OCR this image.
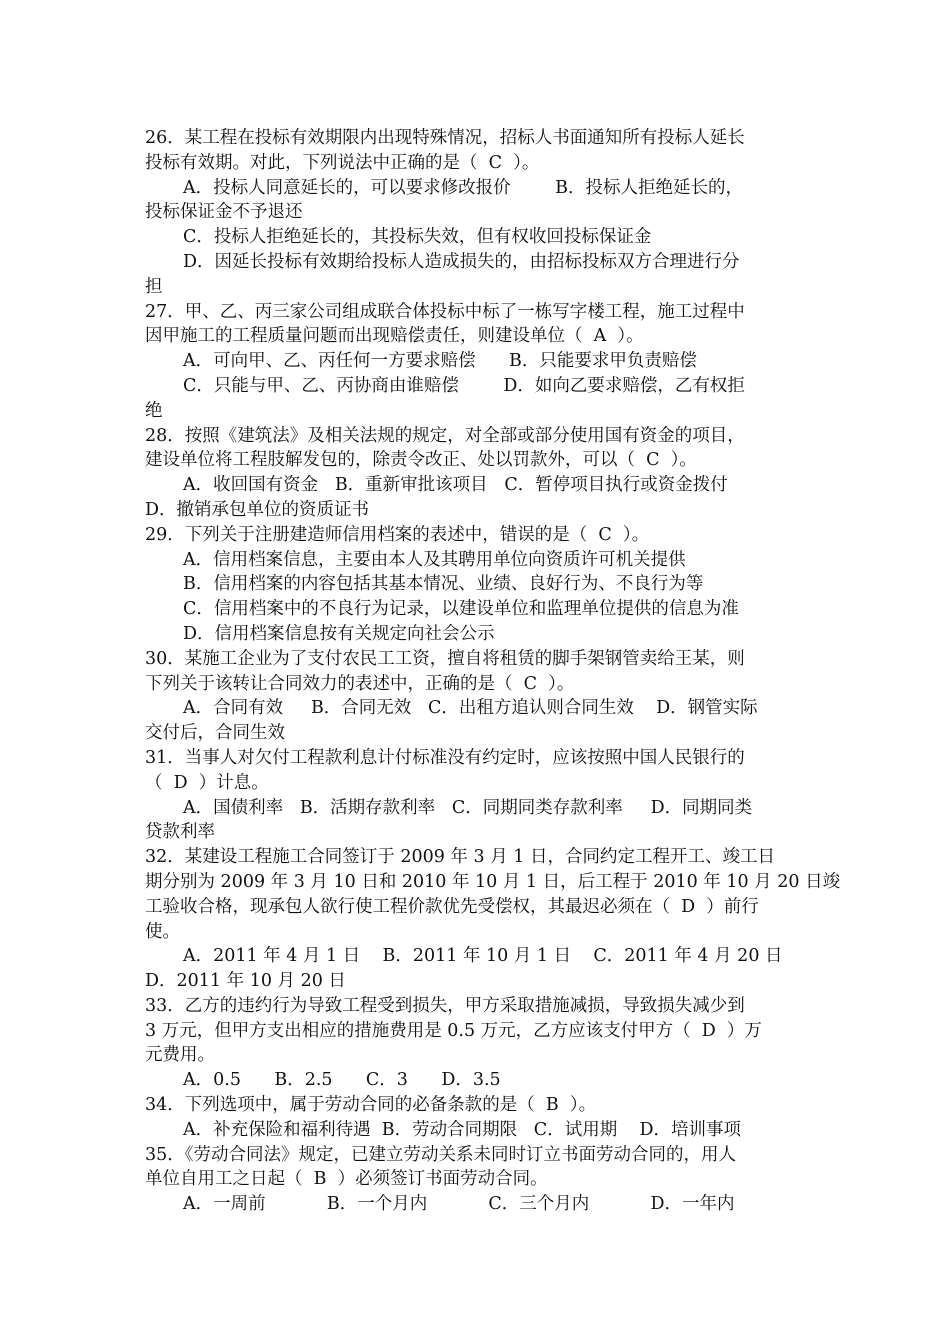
26．某工程在投标有效期限内出现特殊情况，招标人书面通知所有投标人延长
投标有效期。对此，下列说法中正确的是（  C  ）。
A．投标人同意延长的，可以要求修改报价        B．投标人拒绝延长的，
投标保证金不予退还
C．投标人拒绝延长的，其投标失效，但有权收回投标保证金
D．因延长投标有效期给投标人造成损失的，由招标投标双方合理进行分
担
27．甲、乙、丙三家公司组成联合体投标中标了一栋写字楼工程，施工过程中
因甲施工的工程质量问题而出现赔偿责任，则建设单位（  A  ）。
A．可向甲、乙、丙任何一方要求赔偿      B．只能要求甲负责赔偿
C．只能与甲、乙、丙协商由谁赔偿        D．如向乙要求赔偿，乙有权拒
绝
28．按照《建筑法》及相关法规的规定，对全部或部分使用国有资金的项目，
建设单位将工程肢解发包的，除责令改正、处以罚款外，可以（  C  ）。
A．收回国有资金   B．重新审批该项目   C．暂停项目执行或资金拨付
D．撤销承包单位的资质证书
29．下列关于注册建造师信用档案的表述中，错误的是（  C  ）。
A．信用档案信息，主要由本人及其聘用单位向资质许可机关提供
B．信用档案的内容包括其基本情况、业绩、良好行为、不良行为等
C．信用档案中的不良行为记录，以建设单位和监理单位提供的信息为准
D．信用档案信息按有关规定向社会公示
30．某施工企业为了支付农民工工资，擅自将租赁的脚手架钢管卖给王某，则
下列关于该转让合同效力的表述中，正确的是（  C  ）。
A．合同有效     B．合同无效   C．出租方追认则合同生效    D．钢管实际
交付后，合同生效
31．当事人对欠付工程款利息计付标准没有约定时，应该按照中国人民银行的
（  D  ）计息。
A．国债利率   B．活期存款利率   C．同期同类存款利率     D．同期同类
贷款利率
32．某建设工程施工合同签订于 2009 年 3 月 1 日，合同约定工程开工、竣工日
期分别为 2009 年 3 月 10 日和 2010 年 10 月 1 日，后工程于 2010 年 10 月 20 日竣
工验收合格，现承包人欲行使工程价款优先受偿权，其最迟必须在（  D  ）前行
使。
A．2011 年 4 月 1 日    B．2011 年 10 月 1 日    C．2011 年 4 月 20 日
D．2011 年 10 月 20 日
33．乙方的违约行为导致工程受到损失，甲方采取措施减损，导致损失减少到
3 万元，但甲方支出相应的措施费用是 0.5 万元，乙方应该支付甲方（  D  ）万
元费用。
A．0.5      B．2.5      C．3      D．3.5
34．下列选项中，属于劳动合同的必备条款的是（  B  ）。
A．补充保险和福利待遇  B．劳动合同期限   C．试用期    D．培训事项
35．《劳动合同法》规定，已建立劳动关系未同时订立书面劳动合同的，用人
单位自用工之日起（  B  ）必须签订书面劳动合同。
A．一周前           B．一个月内           C．三个月内           D．一年内
